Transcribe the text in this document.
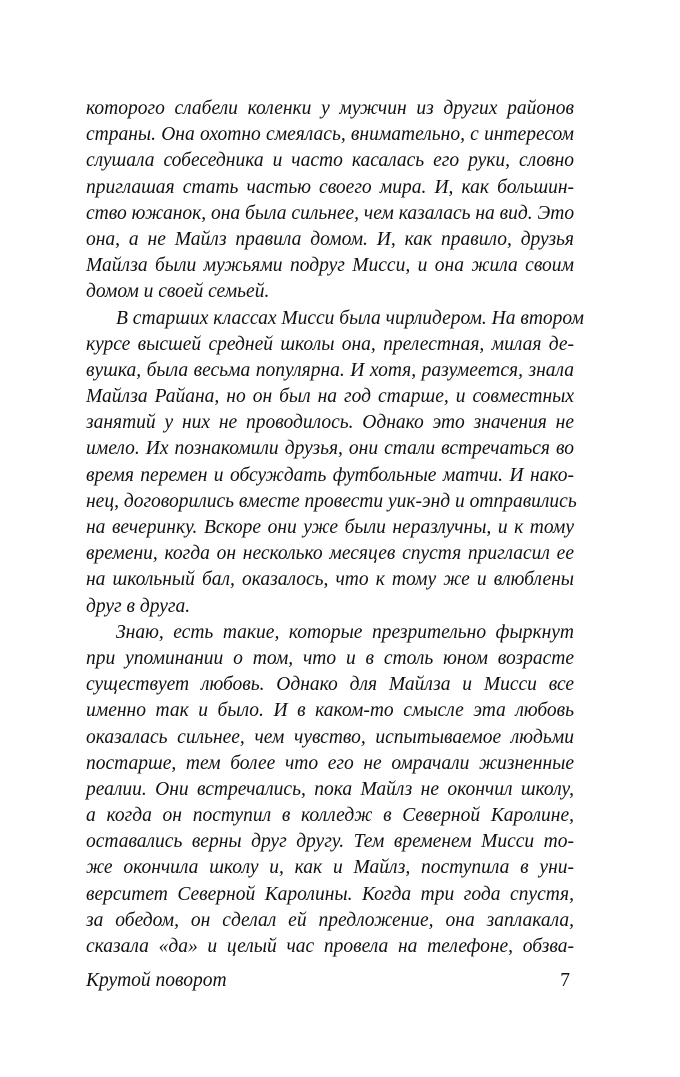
которого слабели коленки у мужчин из других районов
страны. Она охотно смеялась, внимательно, с интересом
слушала собеседника и часто касалась его руки, словно
приглашая стать частью своего мира. И, как большин-
ство южанок, она была сильнее, чем казалась на вид. Это
она, а не Майлз правила домом. И, как правило, друзья
Майлза были мужьями подруг Мисси, и она жила своим
домом и своей семьей.
В старших классах Мисси была чирлидером. На втором
курсе высшей средней школы она, прелестная, милая де-
вушка, была весьма популярна. И хотя, разумеется, знала
Майлза Райана, но он был на год старше, и совместных
занятий у них не проводилось. Однако это значения не
имело. Их познакомили друзья, они стали встречаться во
время перемен и обсуждать футбольные матчи. И нако-
нец, договорились вместе провести уик-энд и отправились
на вечеринку. Вскоре они уже были неразлучны, и к тому
времени, когда он несколько месяцев спустя пригласил ее
на школьный бал, оказалось, что к тому же и влюблены
друг в друга.
Знаю, есть такие, которые презрительно фыркнут
при упоминании о том, что и в столь юном возрасте
существует любовь. Однако для Майлза и Мисси все
именно так и было. И в каком-то смысле эта любовь
оказалась сильнее, чем чувство, испытываемое людьми
постарше, тем более что его не омрачали жизненные
реалии. Они встречались, пока Майлз не окончил школу,
а когда он поступил в колледж в Северной Каролине,
оставались верны друг другу. Тем временем Мисси то-
же окончила школу и, как и Майлз, поступила в уни-
верситет Северной Каролины. Когда три года спустя,
за обедом, он сделал ей предложение, она заплакала,
сказала «да» и целый час провела на телефоне, обзва-
Крутой поворот	7
